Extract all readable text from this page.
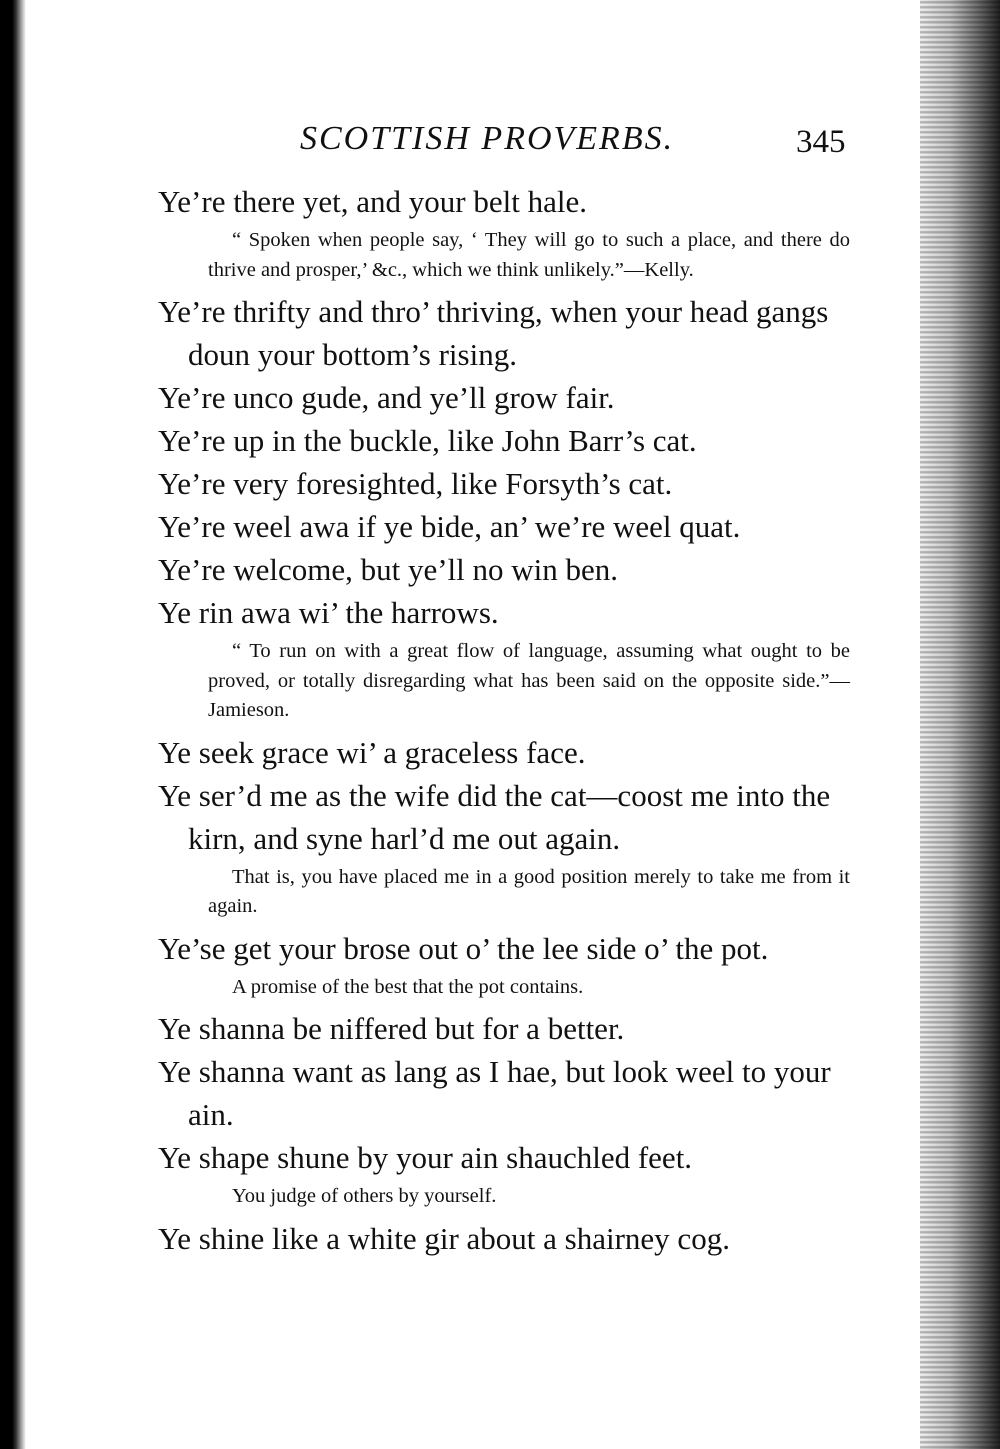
SCOTTISH PROVERBS.	345

Ye’re there yet, and your belt hale.

“ Spoken when people say, ‘ They will go to such a place, and there do thrive and prosper,’ &c., which we think unlikely.”—Kelly.

Ye’re thrifty and thro’ thriving, when your head gangs doun your bottom’s rising.

Ye’re unco gude, and ye’ll grow fair.

Ye’re up in the buckle, like John Barr’s cat.

Ye’re very foresighted, like Forsyth’s cat.

Ye’re weel awa if ye bide, an’ we’re weel quat.

Ye’re welcome, but ye’ll no win ben.

Ye rin awa wi’ the harrows.

“ To run on with a great flow of language, assuming what ought to be proved, or totally disregarding what has been said on the opposite side.”—Jamieson.

Ye seek grace wi’ a graceless face.

Ye ser’d me as the wife did the cat—coost me into the kirn, and syne harl’d me out again.

That is, you have placed me in a good position merely to take me from it again.

Ye’se get your brose out o’ the lee side o’ the pot.

A promise of the best that the pot contains.

Ye shanna be niffered but for a better.

Ye shanna want as lang as I hae, but look weel to your ain.

Ye shape shune by your ain shauchled feet.

You judge of others by yourself.

Ye shine like a white gir about a shairney cog.
